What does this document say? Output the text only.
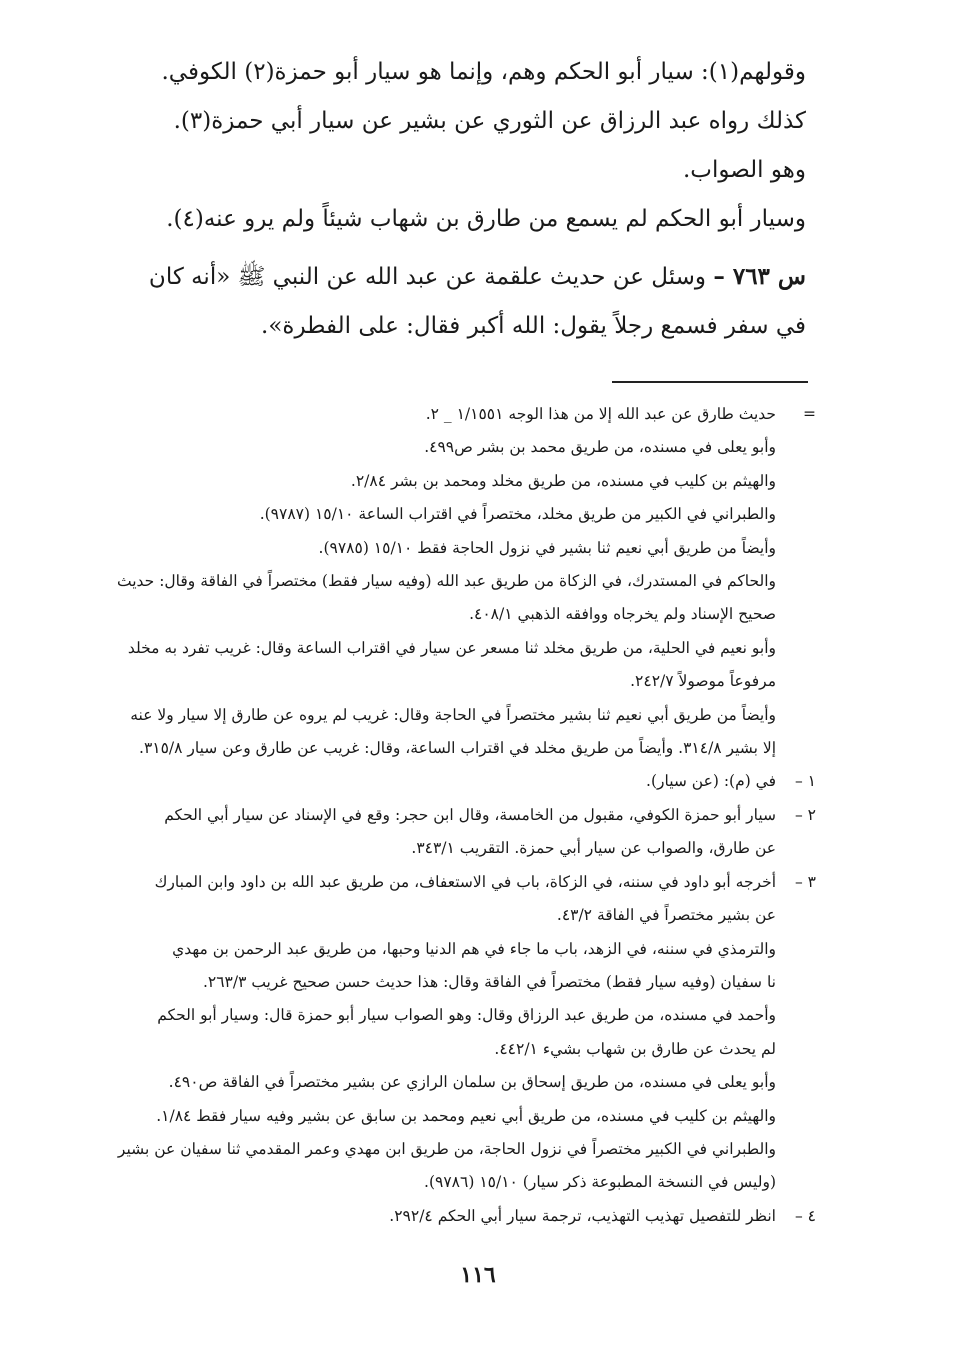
وقولهم(١): سيار أبو الحكم وهم، وإنما هو سيار أبو حمزة(٢) الكوفي.

كذلك رواه عبد الرزاق عن الثوري عن بشير عن سيار أبي حمزة(٣).

وهو الصواب.

وسيار أبو الحكم لم يسمع من طارق بن شهاب شيئاً ولم يرو عنه(٤).

س ٧٦٣ – وسئل عن حديث علقمة عن عبد الله عن النبي ﷺ «أنه كان

في سفر فسمع رجلاً يقول: الله أكبر فقال: على الفطرة».

=

حديث طارق عن عبد الله إلا من هذا الوجه ١/١٥٥١ _ ٢.

وأبو يعلى في مسنده، من طريق محمد بن بشر ص٤٩٩.

والهيثم بن كليب في مسنده، من طريق مخلد ومحمد بن بشر ٢/٨٤.

والطبراني في الكبير من طريق مخلد، مختصراً في اقتراب الساعة ١٥/١٠ (٩٧٨٧).

وأيضاً من طريق أبي نعيم ثنا بشير في نزول الحاجة فقط ١٥/١٠ (٩٧٨٥).

والحاكم في المستدرك، في الزكاة من طريق عبد الله (وفيه سيار فقط) مختصراً في الفاقة وقال: حديث

صحيح الإسناد ولم يخرجاه ووافقه الذهبي ٤٠٨/١.

وأبو نعيم في الحلية، من طريق مخلد ثنا مسعر عن سيار في اقتراب الساعة وقال: غريب تفرد به مخلد

مرفوعاً موصولاً ٢٤٢/٧.

وأيضاً من طريق أبي نعيم ثنا بشير مختصراً في الحاجة وقال: غريب لم يروه عن طارق إلا سيار ولا عنه

إلا بشير ٣١٤/٨. وأيضاً من طريق مخلد في اقتراب الساعة، وقال: غريب عن طارق وعن سيار ٣١٥/٨.

١ –

في (م): (عن سيار).

٢ –

سيار أبو حمزة الكوفي، مقبول من الخامسة، وقال ابن حجر: وقع في الإسناد عن سيار أبي الحكم

عن طارق، والصواب عن سيار أبي حمزة. التقريب ٣٤٣/١.

٣ –

أخرجه أبو داود في سننه، في الزكاة، باب في الاستعفاف، من طريق عبد الله بن داود وابن المبارك

عن بشير مختصراً في الفاقة ٤٣/٢.

والترمذي في سننه، في الزهد، باب ما جاء في هم الدنيا وحبها، من طريق عبد الرحمن بن مهدي

نا سفيان (وفيه سيار فقط) مختصراً في الفاقة وقال: هذا حديث حسن صحيح غريب ٢٦٣/٣.

وأحمد في مسنده، من طريق عبد الرزاق وقال: وهو الصواب سيار أبو حمزة قال: وسيار أبو الحكم

لم يحدث عن طارق بن شهاب بشيء ٤٤٢/١.

وأبو يعلى في مسنده، من طريق إسحاق بن سلمان الرازي عن بشير مختصراً في الفاقة ص٤٩٠.

والهيثم بن كليب في مسنده، من طريق أبي نعيم ومحمد بن سابق عن بشير وفيه سيار فقط ١/٨٤.

والطبراني في الكبير مختصراً في نزول الحاجة، من طريق ابن مهدي وعمر المقدمي ثنا سفيان عن بشير

(وليس في النسخة المطبوعة ذكر سيار) ١٥/١٠ (٩٧٨٦).

٤ –

انظر للتفصيل تهذيب التهذيب، ترجمة سيار أبي الحكم ٢٩٢/٤.

١١٦
